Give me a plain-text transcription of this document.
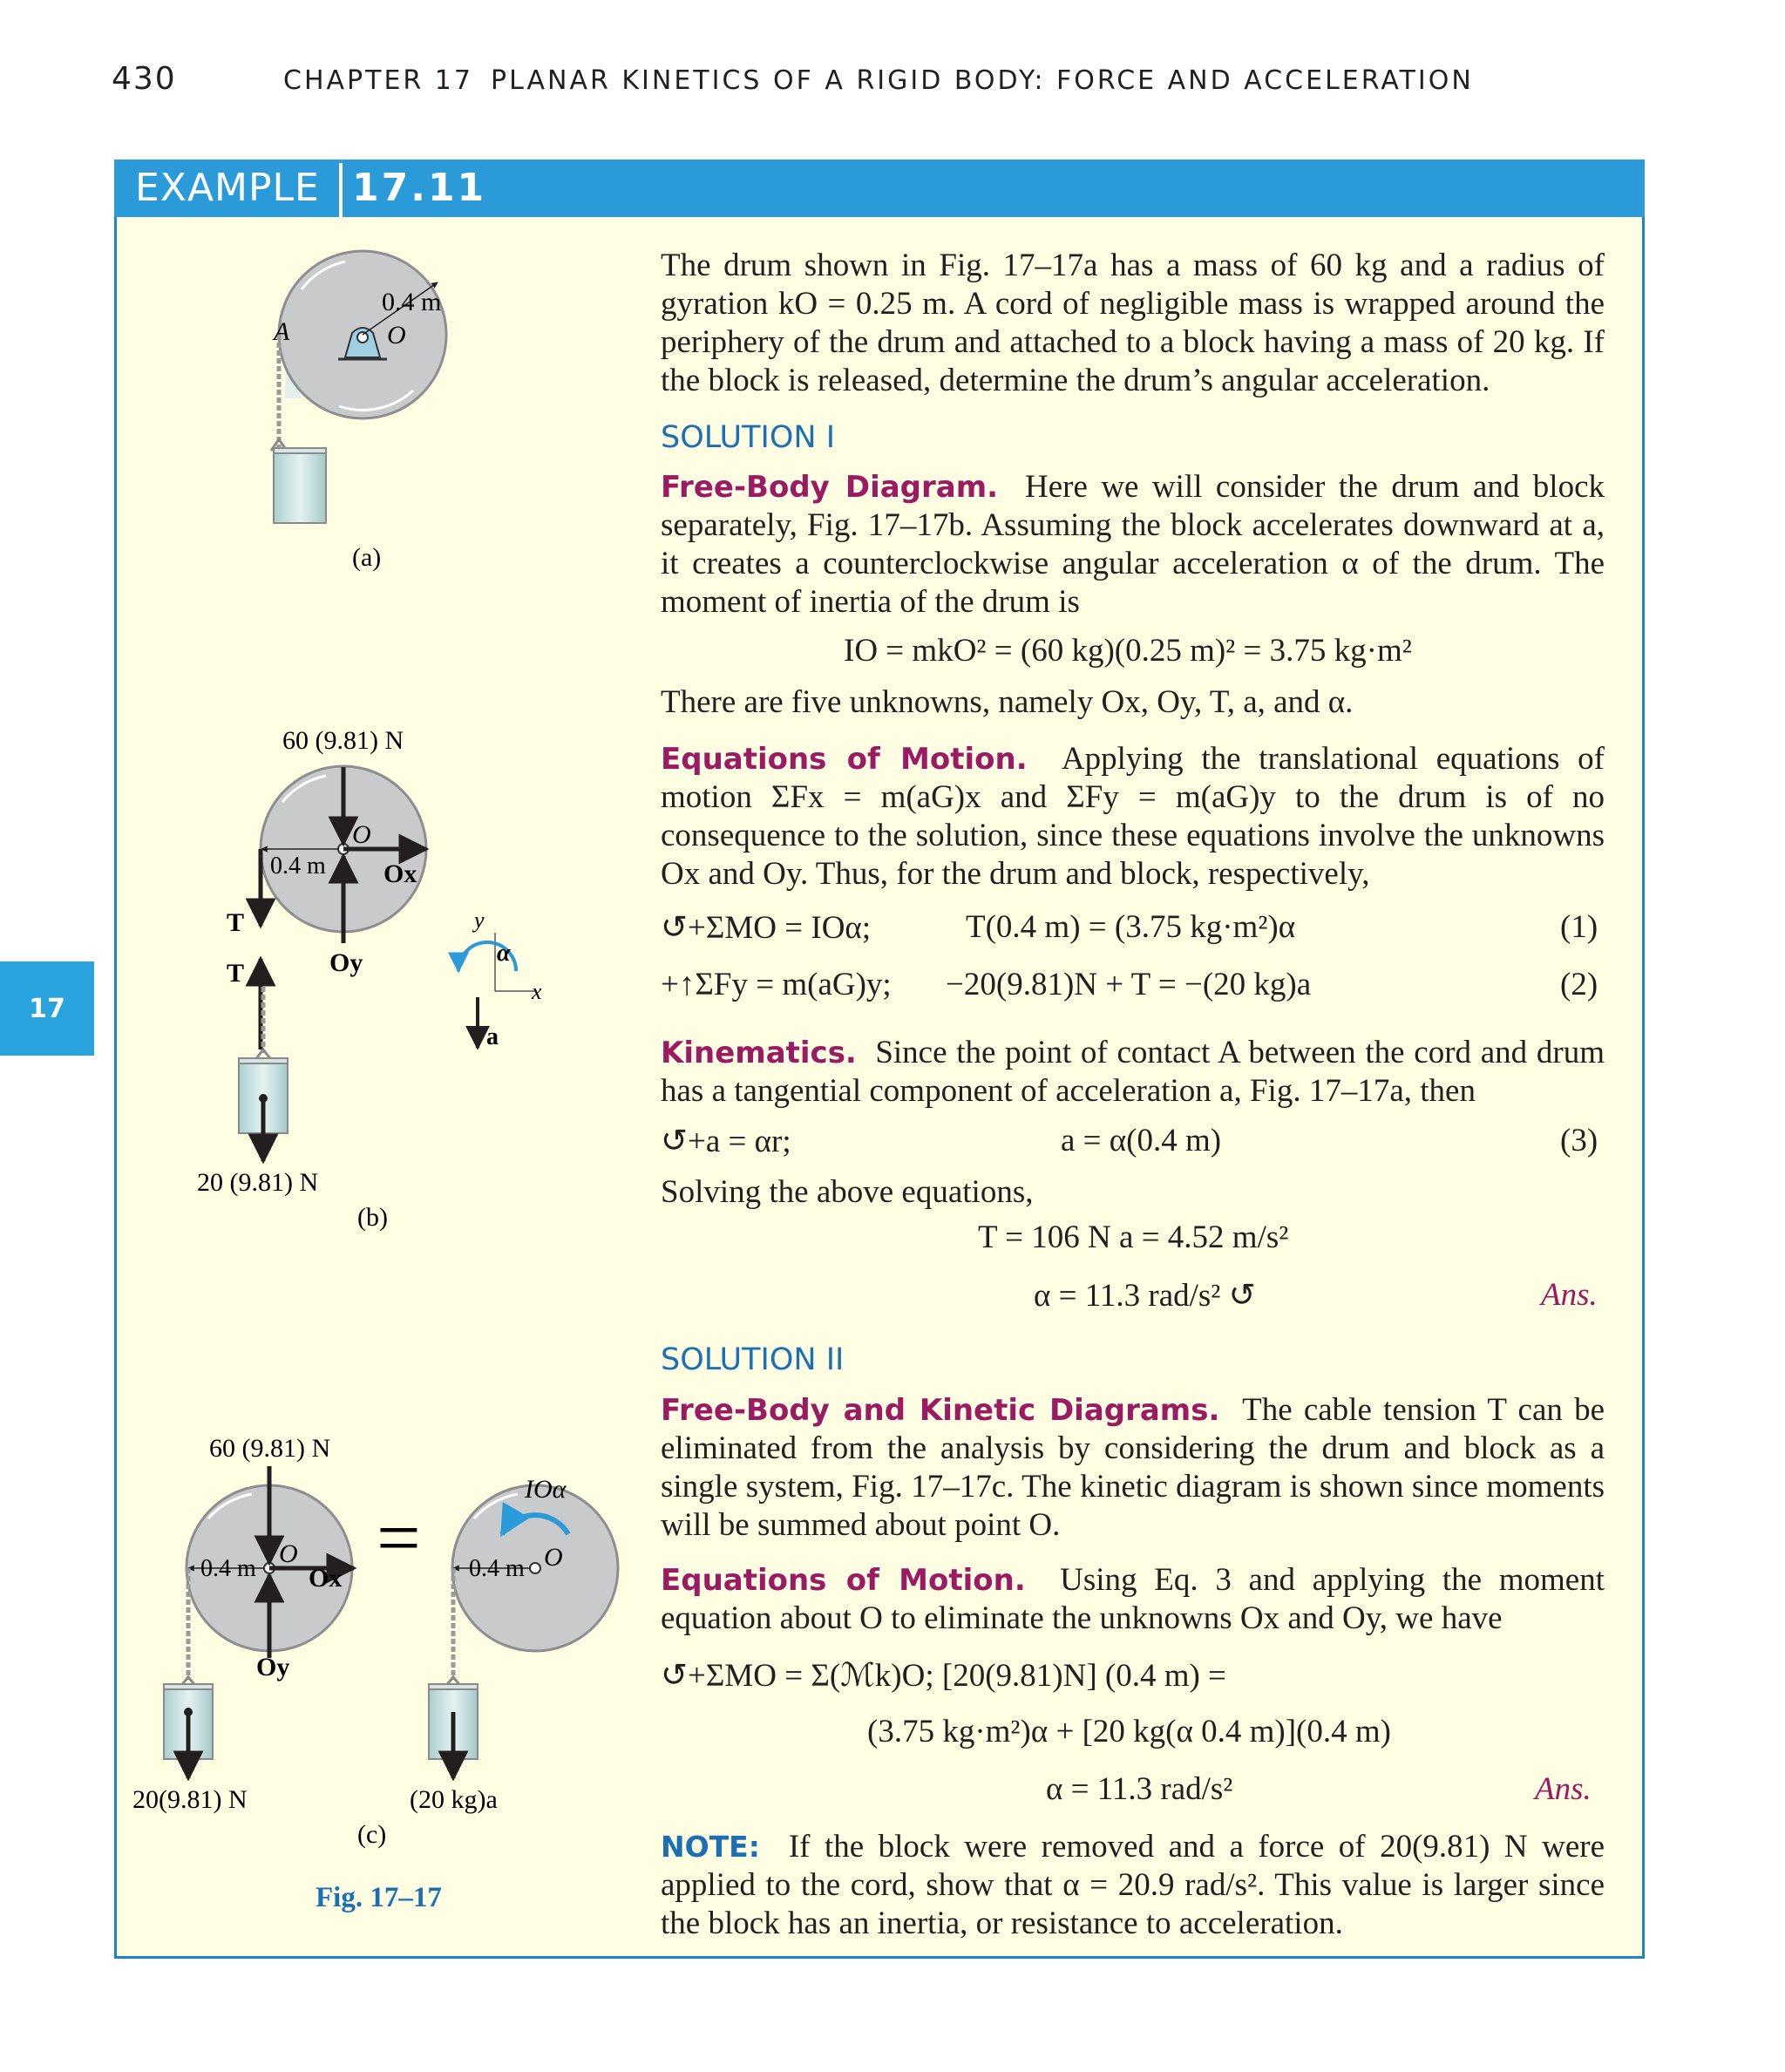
430	CHAPTER 17 PLANAR KINETICS OF A RIGID BODY: FORCE AND ACCELERATION
17
EXAMPLE 17.11
The drum shown in Fig. 17–17a has a mass of 60 kg and a radius of gyration kO = 0.25 m. A cord of negligible mass is wrapped around the periphery of the drum and attached to a block having a mass of 20 kg. If the block is released, determine the drum’s angular acceleration.
SOLUTION I
Free-Body Diagram. Here we will consider the drum and block separately, Fig. 17–17b. Assuming the block accelerates downward at a, it creates a counterclockwise angular acceleration α of the drum. The moment of inertia of the drum is
IO = mkO² = (60 kg)(0.25 m)² = 3.75 kg·m²
There are five unknowns, namely Ox, Oy, T, a, and α.
Equations of Motion. Applying the translational equations of motion ΣFx = m(aG)x and ΣFy = m(aG)y to the drum is of no consequence to the solution, since these equations involve the unknowns Ox and Oy. Thus, for the drum and block, respectively,
↺+ΣMO = IOα;	T(0.4 m) = (3.75 kg·m²)α	(1)
+↑ΣFy = m(aG)y; −20(9.81)N + T = −(20 kg)a	(2)
Kinematics. Since the point of contact A between the cord and drum has a tangential component of acceleration a, Fig. 17–17a, then
↺+a = αr;	a = α(0.4 m)	(3)
Solving the above equations,
T = 106 N a = 4.52 m/s²
α = 11.3 rad/s² ↺	Ans.
SOLUTION II
Free-Body and Kinetic Diagrams. The cable tension T can be eliminated from the analysis by considering the drum and block as a single system, Fig. 17–17c. The kinetic diagram is shown since moments will be summed about point O.
Equations of Motion. Using Eq. 3 and applying the moment equation about O to eliminate the unknowns Ox and Oy, we have
↺+ΣMO = Σ(ℳk)O; [20(9.81)N] (0.4 m) =
(3.75 kg·m²)α + [20 kg(α 0.4 m)](0.4 m)
α = 11.3 rad/s²	Ans.
NOTE: If the block were removed and a force of 20(9.81) N were applied to the cord, show that α = 20.9 rad/s². This value is larger since the block has an inertia, or resistance to acceleration.
0.4 m
O
A
(a)
60 (9.81) N
0.4 m
O
Ox
Oy
T
T
20 (9.81) N
(b)
y
x
α
a
60 (9.81) N
0.4 m
O
Ox
Oy
20(9.81) N
=
IOα
O
0.4 m
(20 kg)a
(c)
Fig. 17–17
